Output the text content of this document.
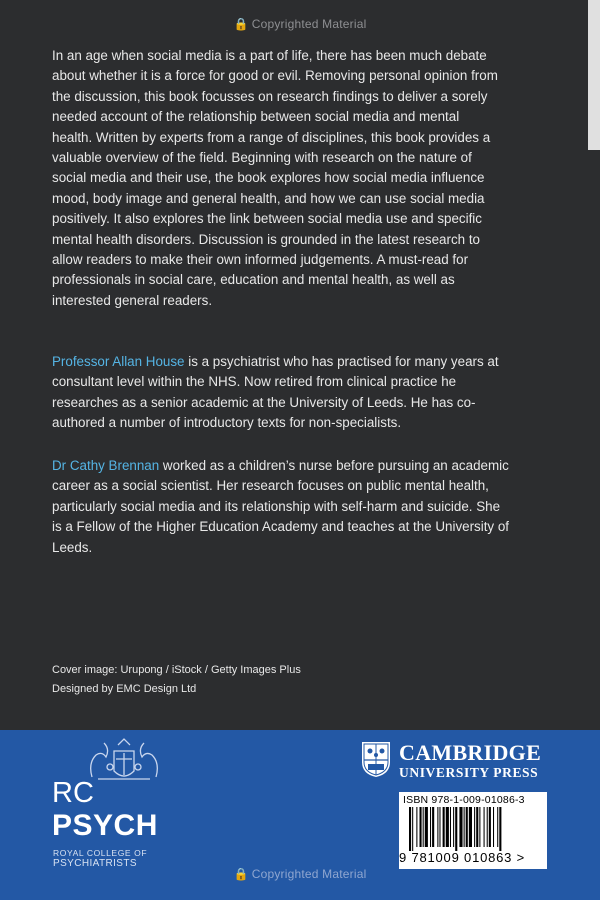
🔒 Copyrighted Material

In an age when social media is a part of life, there has been much debate about whether it is a force for good or evil. Removing personal opinion from the discussion, this book focusses on research findings to deliver a sorely needed account of the relationship between social media and mental health. Written by experts from a range of disciplines, this book provides a valuable overview of the field. Beginning with research on the nature of social media and their use, the book explores how social media influence mood, body image and general health, and how we can use social media positively. It also explores the link between social media use and specific mental health disorders. Discussion is grounded in the latest research to allow readers to make their own informed judgements. A must-read for professionals in social care, education and mental health, as well as interested general readers.

Professor Allan House is a psychiatrist who has practised for many years at consultant level within the NHS. Now retired from clinical practice he researches as a senior academic at the University of Leeds. He has co-authored a number of introductory texts for non-specialists.

Dr Cathy Brennan worked as a children’s nurse before pursuing an academic career as a social scientist. Her research focuses on public mental health, particularly social media and its relationship with self-harm and suicide. She is a Fellow of the Higher Education Academy and teaches at the University of Leeds.

Cover image: Urupong / iStock / Getty Images Plus
Designed by EMC Design Ltd
RC
PSYCH
ROYAL COLLEGE OF
PSYCHIATRISTS
CAMBRIDGE
UNIVERSITY PRESS
ISBN 978-1-009-01086-3
9 781009 010863 >
🔒 Copyrighted Material
